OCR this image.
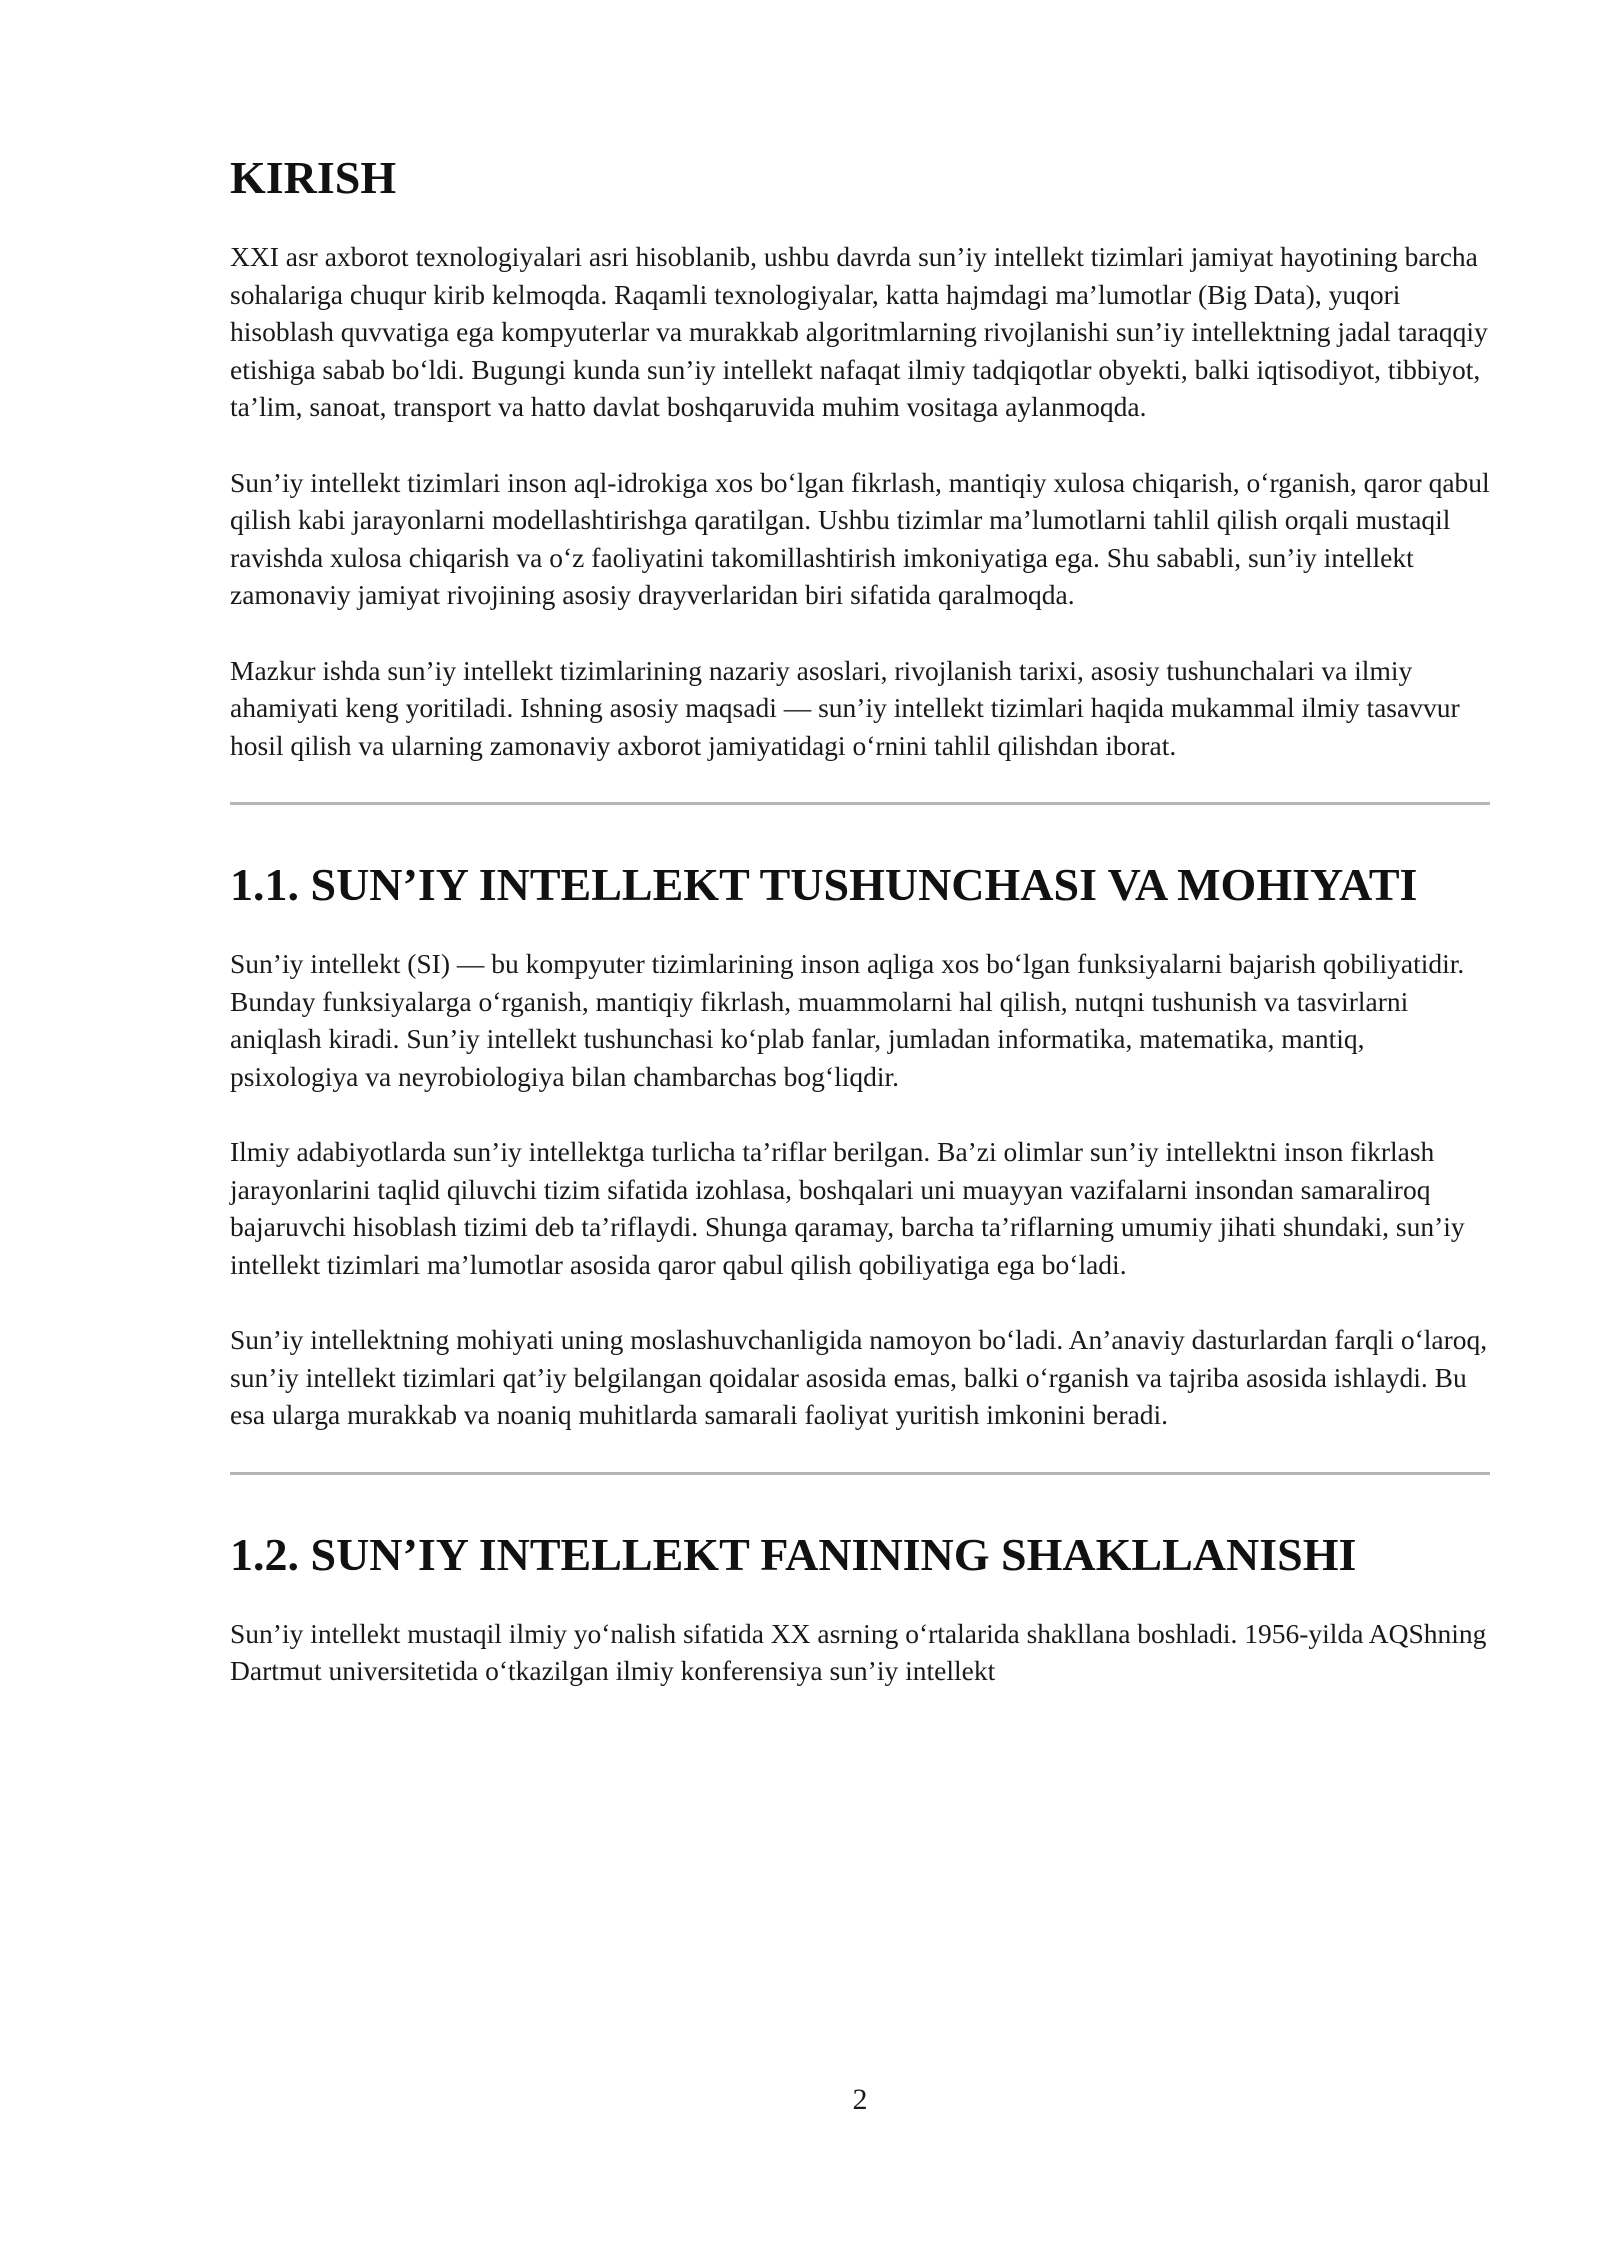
KIRISH

XXI asr axborot texnologiyalari asri hisoblanib, ushbu davrda sun’iy intellekt tizimlari jamiyat hayotining barcha sohalariga chuqur kirib kelmoqda. Raqamli texnologiyalar, katta hajmdagi ma’lumotlar (Big Data), yuqori hisoblash quvvatiga ega kompyuterlar va murakkab algoritmlarning rivojlanishi sun’iy intellektning jadal taraqqiy etishiga sabab bo‘ldi. Bugungi kunda sun’iy intellekt nafaqat ilmiy tadqiqotlar obyekti, balki iqtisodiyot, tibbiyot, ta’lim, sanoat, transport va hatto davlat boshqaruvida muhim vositaga aylanmoqda.

Sun’iy intellekt tizimlari inson aql-idrokiga xos bo‘lgan fikrlash, mantiqiy xulosa chiqarish, o‘rganish, qaror qabul qilish kabi jarayonlarni modellashtirishga qaratilgan. Ushbu tizimlar ma’lumotlarni tahlil qilish orqali mustaqil ravishda xulosa chiqarish va o‘z faoliyatini takomillashtirish imkoniyatiga ega. Shu sababli, sun’iy intellekt zamonaviy jamiyat rivojining asosiy drayverlaridan biri sifatida qaralmoqda.

Mazkur ishda sun’iy intellekt tizimlarining nazariy asoslari, rivojlanish tarixi, asosiy tushunchalari va ilmiy ahamiyati keng yoritiladi. Ishning asosiy maqsadi — sun’iy intellekt tizimlari haqida mukammal ilmiy tasavvur hosil qilish va ularning zamonaviy axborot jamiyatidagi o‘rnini tahlil qilishdan iborat.

1.1. SUN’IY INTELLEKT TUSHUNCHASI VA MOHIYATI

Sun’iy intellekt (SI) — bu kompyuter tizimlarining inson aqliga xos bo‘lgan funksiyalarni bajarish qobiliyatidir. Bunday funksiyalarga o‘rganish, mantiqiy fikrlash, muammolarni hal qilish, nutqni tushunish va tasvirlarni aniqlash kiradi. Sun’iy intellekt tushunchasi ko‘plab fanlar, jumladan informatika, matematika, mantiq, psixologiya va neyrobiologiya bilan chambarchas bog‘liqdir.

Ilmiy adabiyotlarda sun’iy intellektga turlicha ta’riflar berilgan. Ba’zi olimlar sun’iy intellektni inson fikrlash jarayonlarini taqlid qiluvchi tizim sifatida izohlasa, boshqalari uni muayyan vazifalarni insondan samaraliroq bajaruvchi hisoblash tizimi deb ta’riflaydi. Shunga qaramay, barcha ta’riflarning umumiy jihati shundaki, sun’iy intellekt tizimlari ma’lumotlar asosida qaror qabul qilish qobiliyatiga ega bo‘ladi.

Sun’iy intellektning mohiyati uning moslashuvchanligida namoyon bo‘ladi. An’anaviy dasturlardan farqli o‘laroq, sun’iy intellekt tizimlari qat’iy belgilangan qoidalar asosida emas, balki o‘rganish va tajriba asosida ishlaydi. Bu esa ularga murakkab va noaniq muhitlarda samarali faoliyat yuritish imkonini beradi.

1.2. SUN’IY INTELLEKT FANINING SHAKLLANISHI

Sun’iy intellekt mustaqil ilmiy yo‘nalish sifatida XX asrning o‘rtalarida shakllana boshladi. 1956-yilda AQShning Dartmut universitetida o‘tkazilgan ilmiy konferensiya sun’iy intellekt

2
